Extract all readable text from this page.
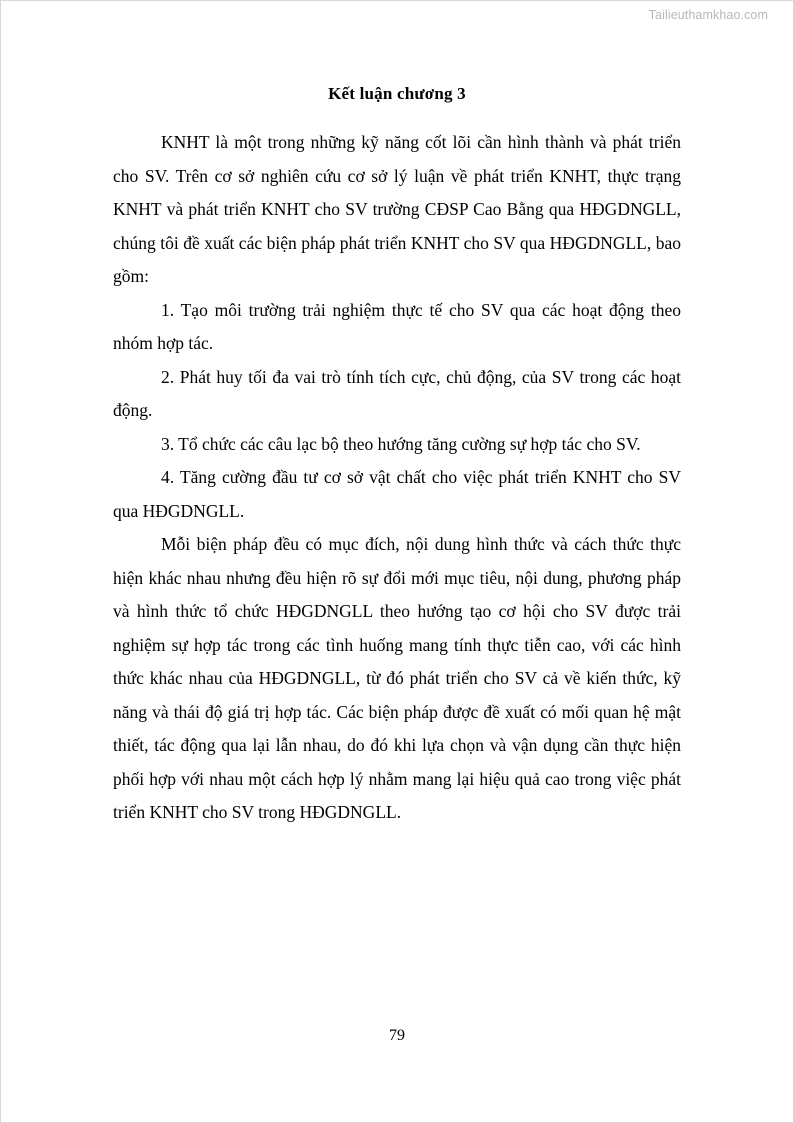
Tailieuthamkhao.com
Kết luận chương 3

KNHT là một trong những kỹ năng cốt lõi cần hình thành và phát triển cho SV. Trên cơ sở nghiên cứu cơ sở lý luận về phát triển KNHT, thực trạng KNHT và phát triển KNHT cho SV trường CĐSP Cao Bằng qua HĐGDNGLL, chúng tôi đề xuất các biện pháp phát triển KNHT cho SV qua HĐGDNGLL, bao gồm:

1. Tạo môi trường trải nghiệm thực tế cho SV qua các hoạt động theo nhóm hợp tác.

2. Phát huy tối đa vai trò tính tích cực, chủ động, của SV trong các hoạt động.

3. Tổ chức các câu lạc bộ theo hướng tăng cường sự hợp tác cho SV.

4. Tăng cường đầu tư cơ sở vật chất cho việc phát triển KNHT cho SV qua HĐGDNGLL.

Mỗi biện pháp đều có mục đích, nội dung hình thức và cách thức thực hiện khác nhau nhưng đều hiện rõ sự đổi mới mục tiêu, nội dung, phương pháp và hình thức tổ chức HĐGDNGLL theo hướng tạo cơ hội cho SV được trải nghiệm sự hợp tác trong các tình huống mang tính thực tiễn cao, với các hình thức khác nhau của HĐGDNGLL, từ đó phát triển cho SV cả về kiến thức, kỹ năng và thái độ giá trị hợp tác. Các biện pháp được đề xuất có mối quan hệ mật thiết, tác động qua lại lẫn nhau, do đó khi lựa chọn và vận dụng cần thực hiện phối hợp với nhau một cách hợp lý nhằm mang lại hiệu quả cao trong việc phát triển KNHT cho SV trong HĐGDNGLL.

79
